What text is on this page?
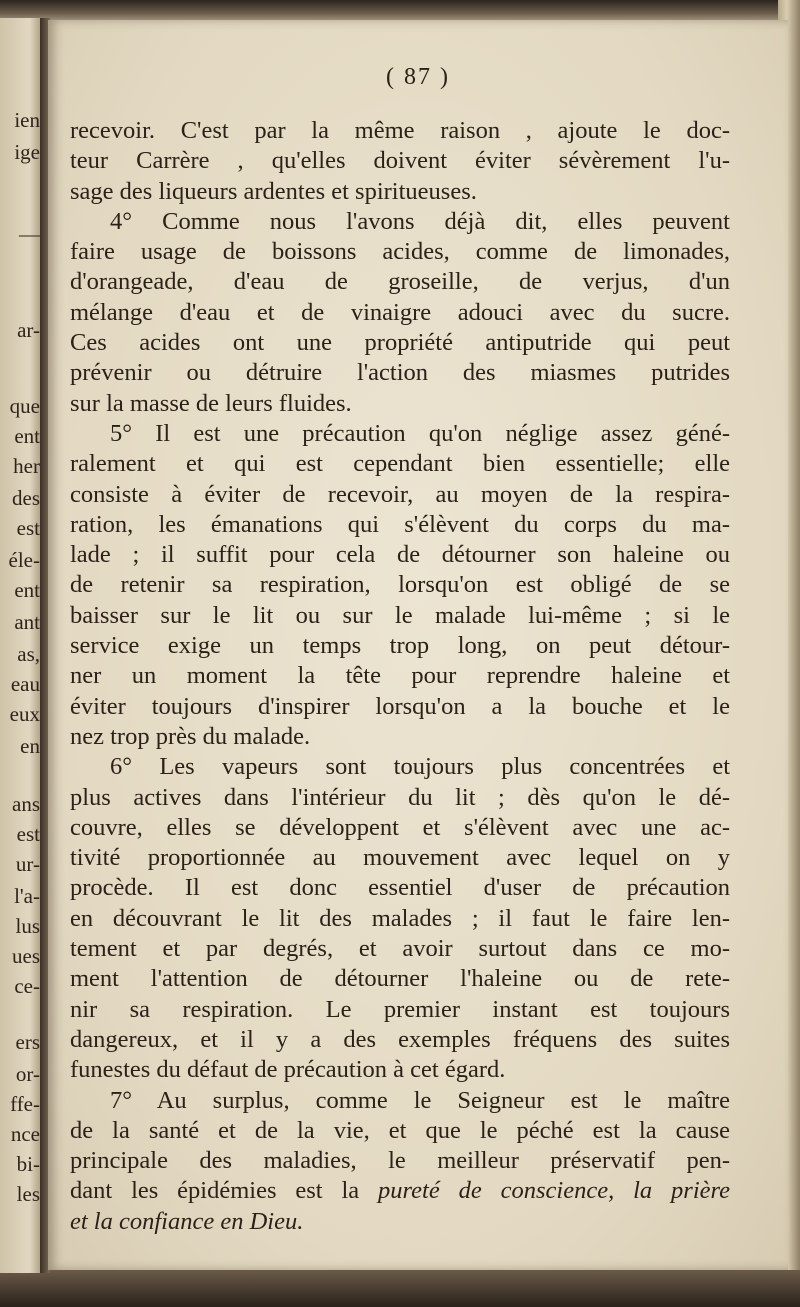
ien
ige
—
ar-
que
ent
her
des
est
éle-
ent
ant
as,
eau
eux
en
ans
est
ur-
l'a-
lus
ues
ce-
ers
or-
ffe-
nce
bi-
les
( 87 )
recevoir. C'est par la même raison , ajoute le doc-
teur Carrère , qu'elles doivent éviter sévèrement l'u-
sage des liqueurs ardentes et spiritueuses.
4° Comme nous l'avons déjà dit, elles peuvent
faire usage de boissons acides, comme de limonades,
d'orangeade, d'eau de groseille, de verjus, d'un
mélange d'eau et de vinaigre adouci avec du sucre.
Ces acides ont une propriété antiputride qui peut
prévenir ou détruire l'action des miasmes putrides
sur la masse de leurs fluides.
5° Il est une précaution qu'on néglige assez géné-
ralement et qui est cependant bien essentielle; elle
consiste à éviter de recevoir, au moyen de la respira-
ration, les émanations qui s'élèvent du corps du ma-
lade ; il suffit pour cela de détourner son haleine ou
de retenir sa respiration, lorsqu'on est obligé de se
baisser sur le lit ou sur le malade lui-même ; si le
service exige un temps trop long, on peut détour-
ner un moment la tête pour reprendre haleine et
éviter toujours d'inspirer lorsqu'on a la bouche et le
nez trop près du malade.
6° Les vapeurs sont toujours plus concentrées et
plus actives dans l'intérieur du lit ; dès qu'on le dé-
couvre, elles se développent et s'élèvent avec une ac-
tivité proportionnée au mouvement avec lequel on y
procède. Il est donc essentiel d'user de précaution
en découvrant le lit des malades ; il faut le faire len-
tement et par degrés, et avoir surtout dans ce mo-
ment l'attention de détourner l'haleine ou de rete-
nir sa respiration. Le premier instant est toujours
dangereux, et il y a des exemples fréquens des suites
funestes du défaut de précaution à cet égard.
7° Au surplus, comme le Seigneur est le maître
de la santé et de la vie, et que le péché est la cause
principale des maladies, le meilleur préservatif pen-
dant les épidémies est la pureté de conscience, la prière
et la confiance en Dieu.
